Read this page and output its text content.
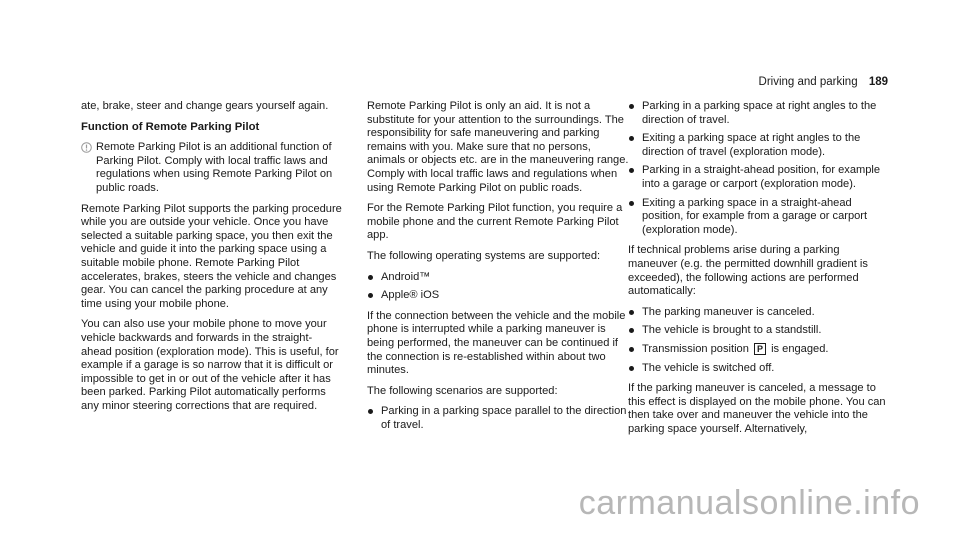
Driving and parking 189

ate, brake, steer and change gears yourself again.

Function of Remote Parking Pilot
Remote Parking Pilot is an additional function of Parking Pilot. Comply with local traffic laws and regulations when using Remote Parking Pilot on public roads.

Remote Parking Pilot supports the parking procedure while you are outside your vehicle. Once you have selected a suitable parking space, you then exit the vehicle and guide it into the parking space using a suitable mobile phone. Remote Parking Pilot accelerates, brakes, steers the vehicle and changes gear. You can cancel the parking procedure at any time using your mobile phone.

You can also use your mobile phone to move your vehicle backwards and forwards in the straight-ahead position (exploration mode). This is useful, for example if a garage is so narrow that it is difficult or impossible to get in or out of the vehicle after it has been parked. Parking Pilot automatically performs any minor steering corrections that are required.

Remote Parking Pilot is only an aid. It is not a substitute for your attention to the surroundings. The responsibility for safe maneuvering and parking remains with you. Make sure that no persons, animals or objects etc. are in the maneuvering range. Comply with local traffic laws and regulations when using Remote Parking Pilot on public roads.

For the Remote Parking Pilot function, you require a mobile phone and the current Remote Parking Pilot app.

The following operating systems are supported:

Android™
Apple® iOS

If the connection between the vehicle and the mobile phone is interrupted while a parking maneuver is being performed, the maneuver can be continued if the connection is re-established within about two minutes.

The following scenarios are supported:

Parking in a parking space parallel to the direction of travel.
Parking in a parking space at right angles to the direction of travel.
Exiting a parking space at right angles to the direction of travel (exploration mode).
Parking in a straight-ahead position, for example into a garage or carport (exploration mode).
Exiting a parking space in a straight-ahead position, for example from a garage or carport (exploration mode).

If technical problems arise during a parking maneuver (e.g. the permitted downhill gradient is exceeded), the following actions are performed automatically:

The parking maneuver is canceled.
The vehicle is brought to a standstill.
Transmission position P is engaged.
The vehicle is switched off.

If the parking maneuver is canceled, a message to this effect is displayed on the mobile phone. You can then take over and maneuver the vehicle into the parking space yourself. Alternatively,

carmanualsonline.info
